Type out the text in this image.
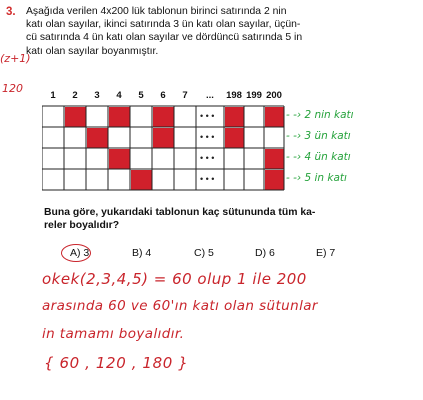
3. Aşağıda verilen 4x200 lük tablonun birinci satırında 2 nin

katı olan sayılar, ikinci satırında 3 ün katı olan sayılar, üçün-

cü satırında 4 ün katı olan sayılar ve dördüncü satırında 5 in

katı olan sayılar boyanmıştır.

(z+1)
120
1	2	3	4	5	6	7	...	198 199 200
• • •
• • •
• • •
• • •
- -› 2 nin katı
- -› 3 ün katı
- -› 4 ün katı
- -› 5 in katı

Buna göre, yukarıdaki tablonun kaç sütununda tüm ka-

reler boyalıdır?

A) 3	B) 4	C) 5	D) 6	E) 7
okek(2,3,4,5) = 60 olup 1 ile 200
arasında 60 ve 60'ın katı olan sütunlar
in tamamı boyalıdır.
{ 60 , 120 , 180 }
